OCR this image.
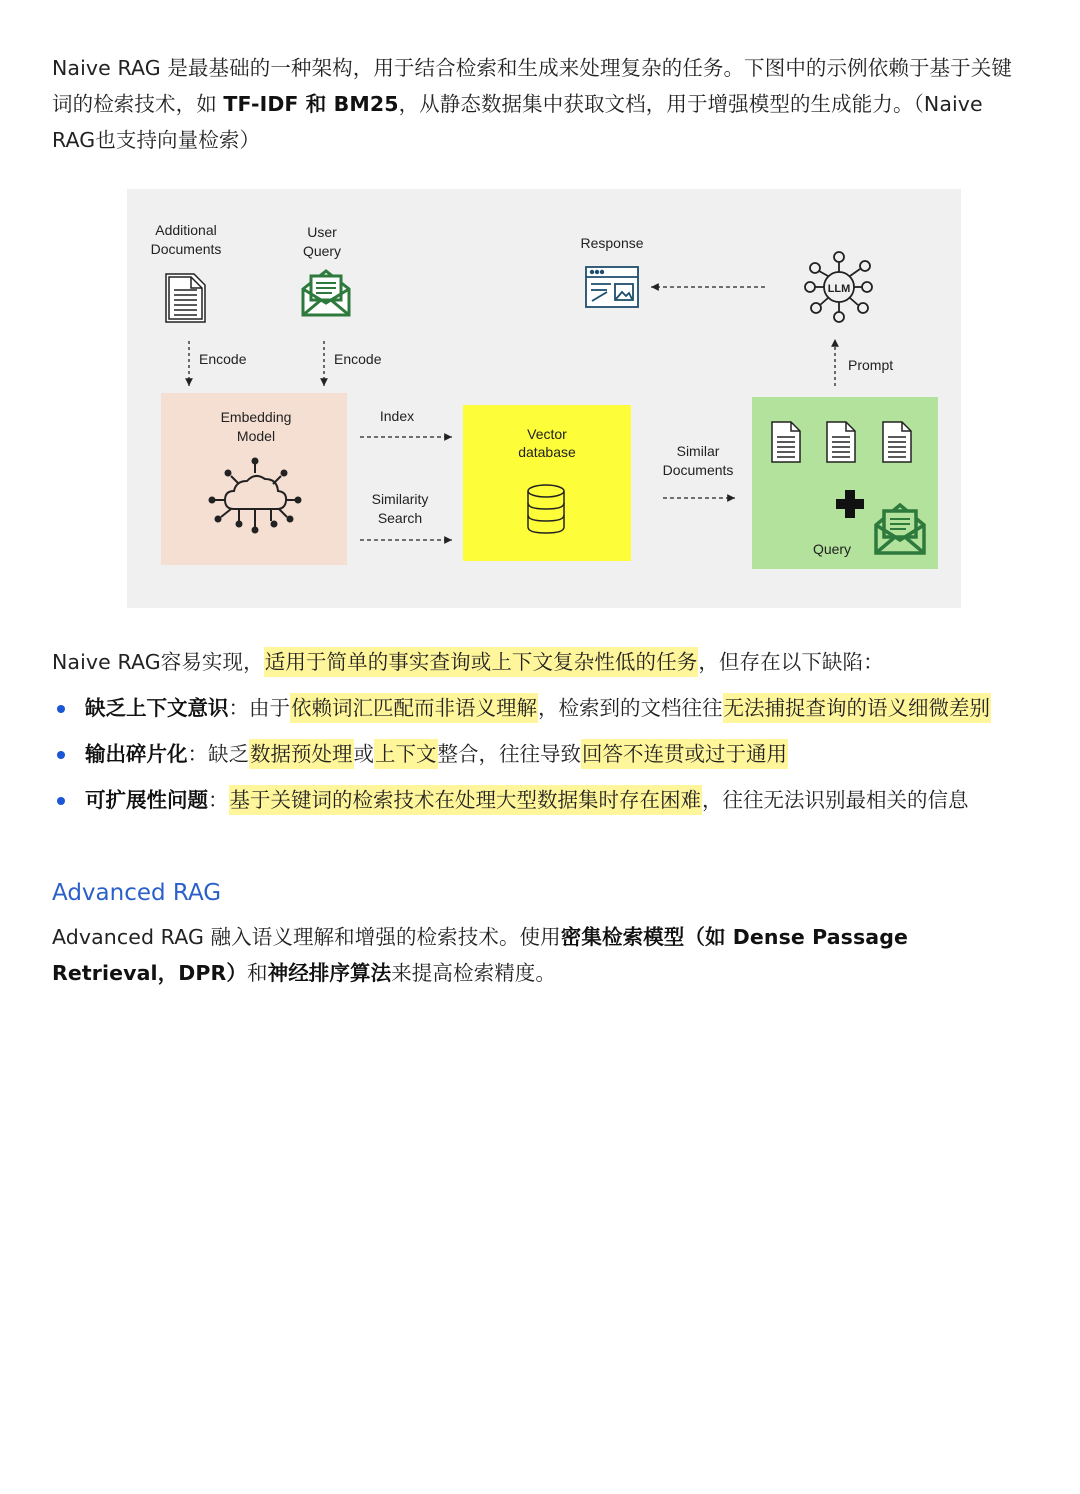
Naive RAG 是最基础的一种架构，用于结合检索和生成来处理复杂的任务。下图中的示例依赖于基于关键词的检索技术，如 TF-IDF 和 BM25，从静态数据集中获取文档，用于增强模型的生成能力。（Naive RAG也支持向量检索）

Additional
Documents
User
Query
Encode	Encode
Embedding
Model
Index
Similarity
Search
Vector
database	Similar
Documents
Query
Prompt
LLM
Response

Naive RAG容易实现，适用于简单的事实查询或上下文复杂性低的任务，但存在以下缺陷：

缺乏上下文意识：由于依赖词汇匹配而非语义理解，检索到的文档往往无法捕捉查询的语义细微差别
输出碎片化：缺乏数据预处理或上下文整合，往往导致回答不连贯或过于通用
可扩展性问题：基于关键词的检索技术在处理大型数据集时存在困难，往往无法识别最相关的信息
Advanced RAG

Advanced RAG 融入语义理解和增强的检索技术。使用密集检索模型（如 Dense Passage Retrieval，DPR）和神经排序算法来提高检索精度。
